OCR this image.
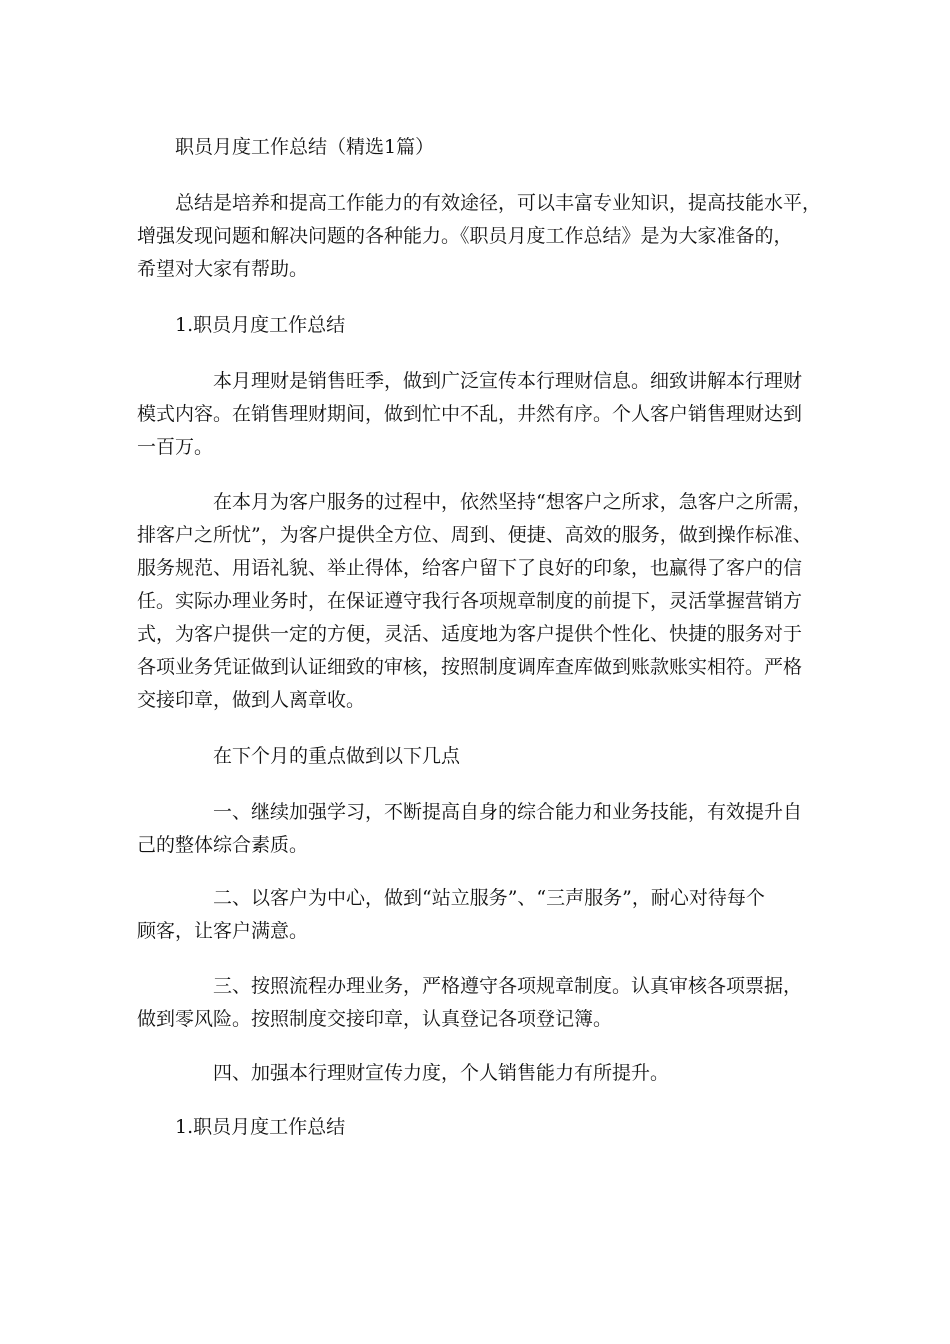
职员月度工作总结（精选1篇）

总结是培养和提高工作能力的有效途径，可以丰富专业知识，提高技能水平，

增强发现问题和解决问题的各种能力。《职员月度工作总结》是为大家准备的，

希望对大家有帮助。

1.职员月度工作总结

本月理财是销售旺季，做到广泛宣传本行理财信息。细致讲解本行理财

模式内容。在销售理财期间，做到忙中不乱，井然有序。个人客户销售理财达到

一百万。

在本月为客户服务的过程中，依然坚持“想客户之所求，急客户之所需，

排客户之所忧”，为客户提供全方位、周到、便捷、高效的服务，做到操作标准、

服务规范、用语礼貌、举止得体，给客户留下了良好的印象，也赢得了客户的信

任。实际办理业务时，在保证遵守我行各项规章制度的前提下，灵活掌握营销方

式，为客户提供一定的方便，灵活、适度地为客户提供个性化、快捷的服务对于

各项业务凭证做到认证细致的审核，按照制度调库查库做到账款账实相符。严格

交接印章，做到人离章收。

在下个月的重点做到以下几点

一、继续加强学习，不断提高自身的综合能力和业务技能，有效提升自

己的整体综合素质。

二、以客户为中心，做到“站立服务”、“三声服务”，耐心对待每个

顾客，让客户满意。

三、按照流程办理业务，严格遵守各项规章制度。认真审核各项票据，

做到零风险。按照制度交接印章，认真登记各项登记簿。

四、加强本行理财宣传力度，个人销售能力有所提升。

1.职员月度工作总结
